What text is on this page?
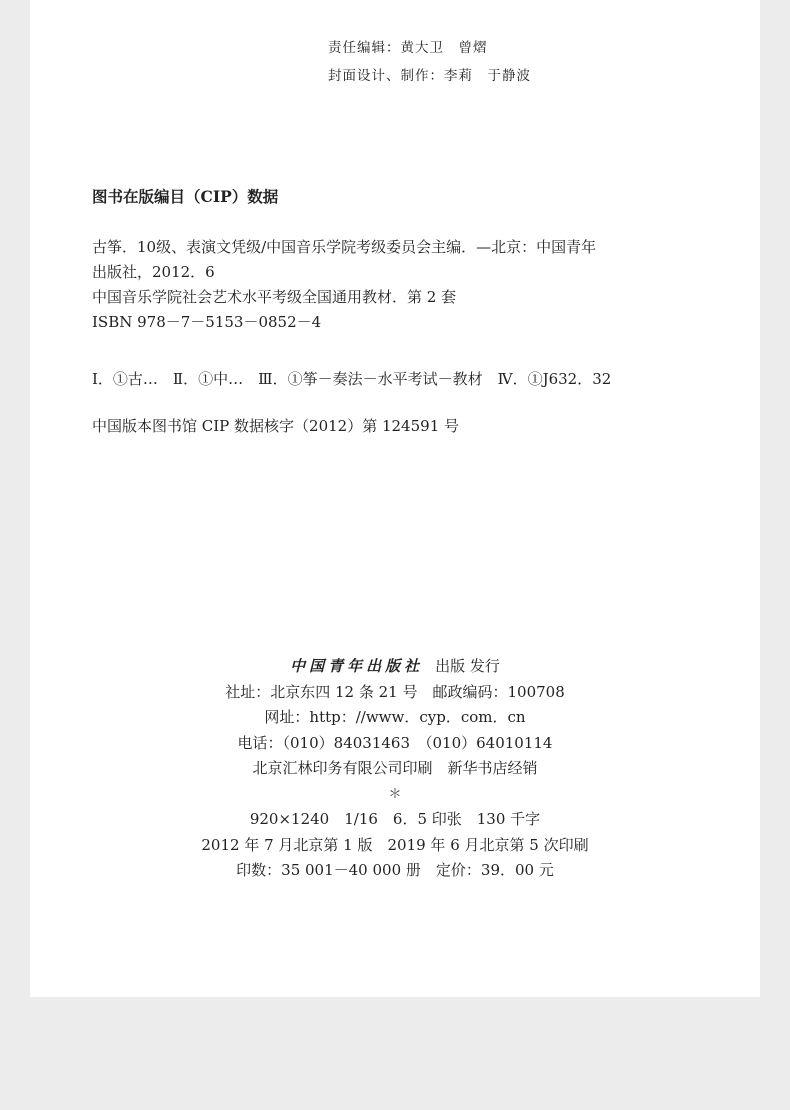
责任编辑：黄大卫　曾熠
封面设计、制作：李莉　于静波
图书在版编目（CIP）数据
古筝．10级、表演文凭级/中国音乐学院考级委员会主编．—北京：中国青年
出版社，2012．6
中国音乐学院社会艺术水平考级全国通用教材．第 2 套
ISBN 978－7－5153－0852－4
Ⅰ．①古…　Ⅱ．①中…　Ⅲ．①筝－奏法－水平考试－教材　Ⅳ．①J632．32
中国版本图书馆 CIP 数据核字（2012）第 124591 号
中国青年出版社 出版 发行
社址：北京东四 12 条 21 号　邮政编码：100708
网址：http：//www．cyp．com．cn
电话：（010）84031463　（010）64010114
北京汇林印务有限公司印刷　新华书店经销
＊
920×1240　1/16　6．5 印张　130 千字
2012 年 7 月北京第 1 版　2019 年 6 月北京第 5 次印刷
印数：35 001－40 000 册　定价：39．00 元
